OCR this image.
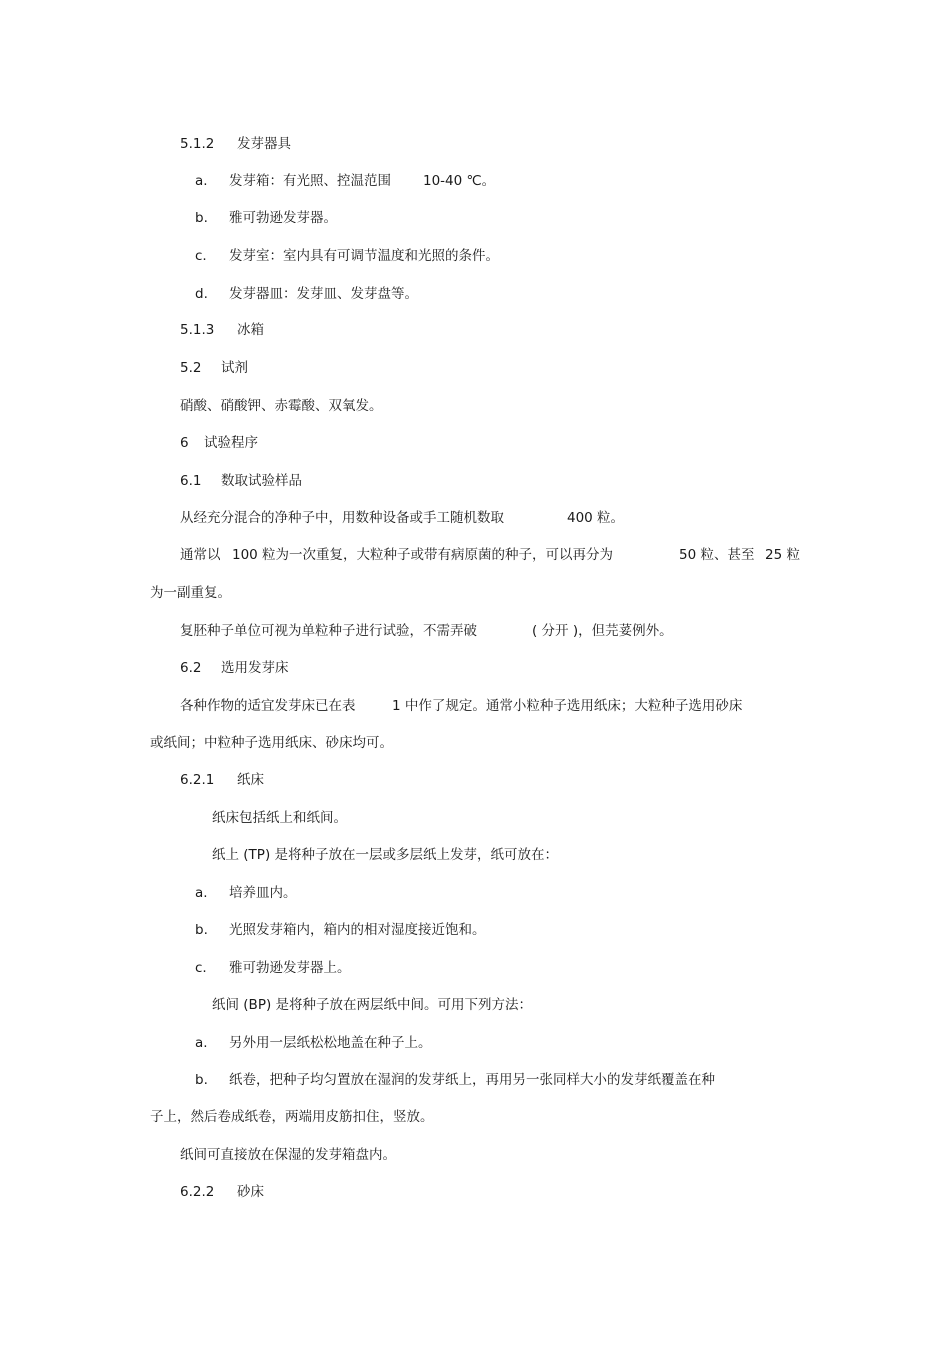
5.1.2 发芽器具
a. 发芽箱：有光照、控温范围 10-40 ℃。
b. 雅可勃逊发芽器。
c. 发芽室：室内具有可调节温度和光照的条件。
d. 发芽器皿：发芽皿、发芽盘等。
5.1.3 冰箱
5.2 试剂
硝酸、硝酸钾、赤霉酸、双氧发。
6 试验程序
6.1 数取试验样品
从经充分混合的净种子中，用数种设备或手工随机数取	400 粒。
通常以 100 粒为一次重复，大粒种子或带有病原菌的种子，可以再分为	50 粒、甚至 25 粒
为一副重复。
复胚种子单位可视为单粒种子进行试验，不需弄破	( 分开 )，但芫荽例外。
6.2 选用发芽床
各种作物的适宜发芽床已在表	1 中作了规定。通常小粒种子选用纸床；大粒种子选用砂床
或纸间；中粒种子选用纸床、砂床均可。
6.2.1 纸床
纸床包括纸上和纸间。
纸上 (TP) 是将种子放在一层或多层纸上发芽，纸可放在：
a. 培养皿内。
b. 光照发芽箱内，箱内的相对湿度接近饱和。
c. 雅可勃逊发芽器上。
纸间 (BP) 是将种子放在两层纸中间。可用下列方法：
a. 另外用一层纸松松地盖在种子上。
b. 纸卷，把种子均匀置放在湿润的发芽纸上，再用另一张同样大小的发芽纸覆盖在种
子上，然后卷成纸卷，两端用皮筋扣住，竖放。
纸间可直接放在保湿的发芽箱盘内。
6.2.2 砂床
